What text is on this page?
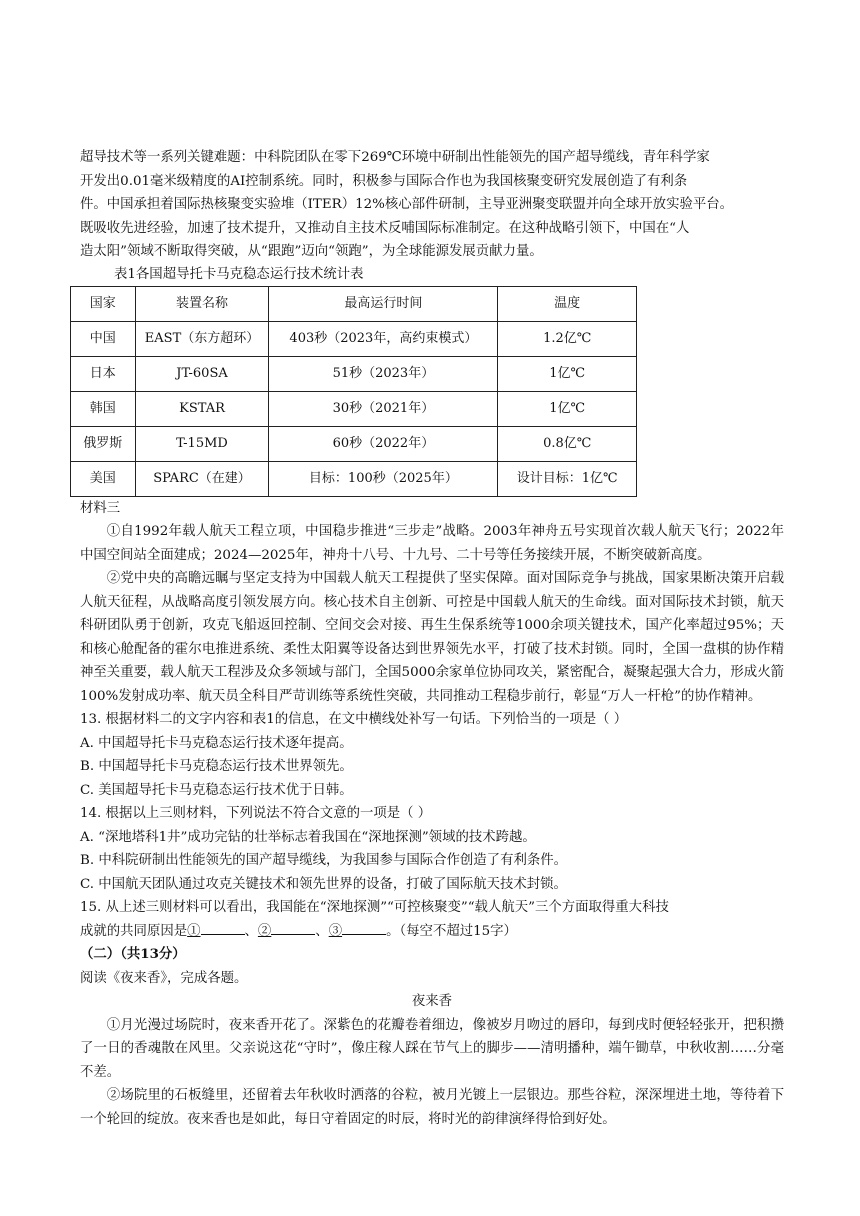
超导技术等一系列关键难题：中科院团队在零下269℃环境中研制出性能领先的国产超导缆线，青年科学家

开发出0.01毫米级精度的AI控制系统。同时，积极参与国际合作也为我国核聚变研究发展创造了有利条

件。中国承担着国际热核聚变实验堆（ITER）12%核心部件研制，主导亚洲聚变联盟并向全球开放实验平台。

既吸收先进经验，加速了技术提升，又推动自主技术反哺国际标准制定。在这种战略引领下，中国在“人

造太阳”领域不断取得突破，从“跟跑”迈向“领跑”，为全球能源发展贡献力量。

表1各国超导托卡马克稳态运行技术统计表

国家	装置名称	最高运行时间	温度
中国	EAST（东方超环）	403秒（2023年，高约束模式）	1.2亿℃
日本	JT-60SA	51秒（2023年）	1亿℃
韩国	KSTAR	30秒（2021年）	1亿℃
俄罗斯	T-15MD	60秒（2022年）	0.8亿℃
美国	SPARC（在建）	目标：100秒（2025年）	设计目标：1亿℃

材料三

①自1992年载人航天工程立项，中国稳步推进“三步走”战略。2003年神舟五号实现首次载人航天飞行；2022年中国空间站全面建成；2024—2025年，神舟十八号、十九号、二十号等任务接续开展，不断突破新高度。

②党中央的高瞻远瞩与坚定支持为中国载人航天工程提供了坚实保障。面对国际竞争与挑战，国家果断决策开启载人航天征程，从战略高度引领发展方向。核心技术自主创新、可控是中国载人航天的生命线。面对国际技术封锁，航天科研团队勇于创新，攻克飞船返回控制、空间交会对接、再生生保系统等1000余项关键技术，国产化率超过95%；天和核心舱配备的霍尔电推进系统、柔性太阳翼等设备达到世界领先水平，打破了技术封锁。同时，全国一盘棋的协作精神至关重要，载人航天工程涉及众多领域与部门，全国5000余家单位协同攻关，紧密配合，凝聚起强大合力，形成火箭100%发射成功率、航天员全科目严苛训练等系统性突破，共同推动工程稳步前行，彰显“万人一杆枪”的协作精神。

13. 根据材料二的文字内容和表1的信息，在文中横线处补写一句话。下列恰当的一项是（ ）

A. 中国超导托卡马克稳态运行技术逐年提高。

B. 中国超导托卡马克稳态运行技术世界领先。

C. 美国超导托卡马克稳态运行技术优于日韩。

14. 根据以上三则材料，下列说法不符合文意的一项是（ ）

A. “深地塔科1井”成功完钻的壮举标志着我国在“深地探测”领域的技术跨越。

B. 中科院研制出性能领先的国产超导缆线，为我国参与国际合作创造了有利条件。

C. 中国航天团队通过攻克关键技术和领先世界的设备，打破了国际航天技术封锁。

15. 从上述三则材料可以看出，我国能在“深地探测”“可控核聚变”“载人航天”三个方面取得重大科技

成就的共同原因是①	、②	、③	。（每空不超过15字）

（二）（共13分）

阅读《夜来香》，完成各题。

夜来香

①月光漫过场院时，夜来香开花了。深紫色的花瓣卷着细边，像被岁月吻过的唇印，每到戌时便轻轻张开，把积攒了一日的香魂散在风里。父亲说这花“守时”，像庄稼人踩在节气上的脚步——清明播种，端午锄草，中秋收割……分毫不差。

②场院里的石板缝里，还留着去年秋收时洒落的谷粒，被月光镀上一层银边。那些谷粒，深深埋进土地，等待着下一个轮回的绽放。夜来香也是如此，每日守着固定的时辰，将时光的韵律演绎得恰到好处。
